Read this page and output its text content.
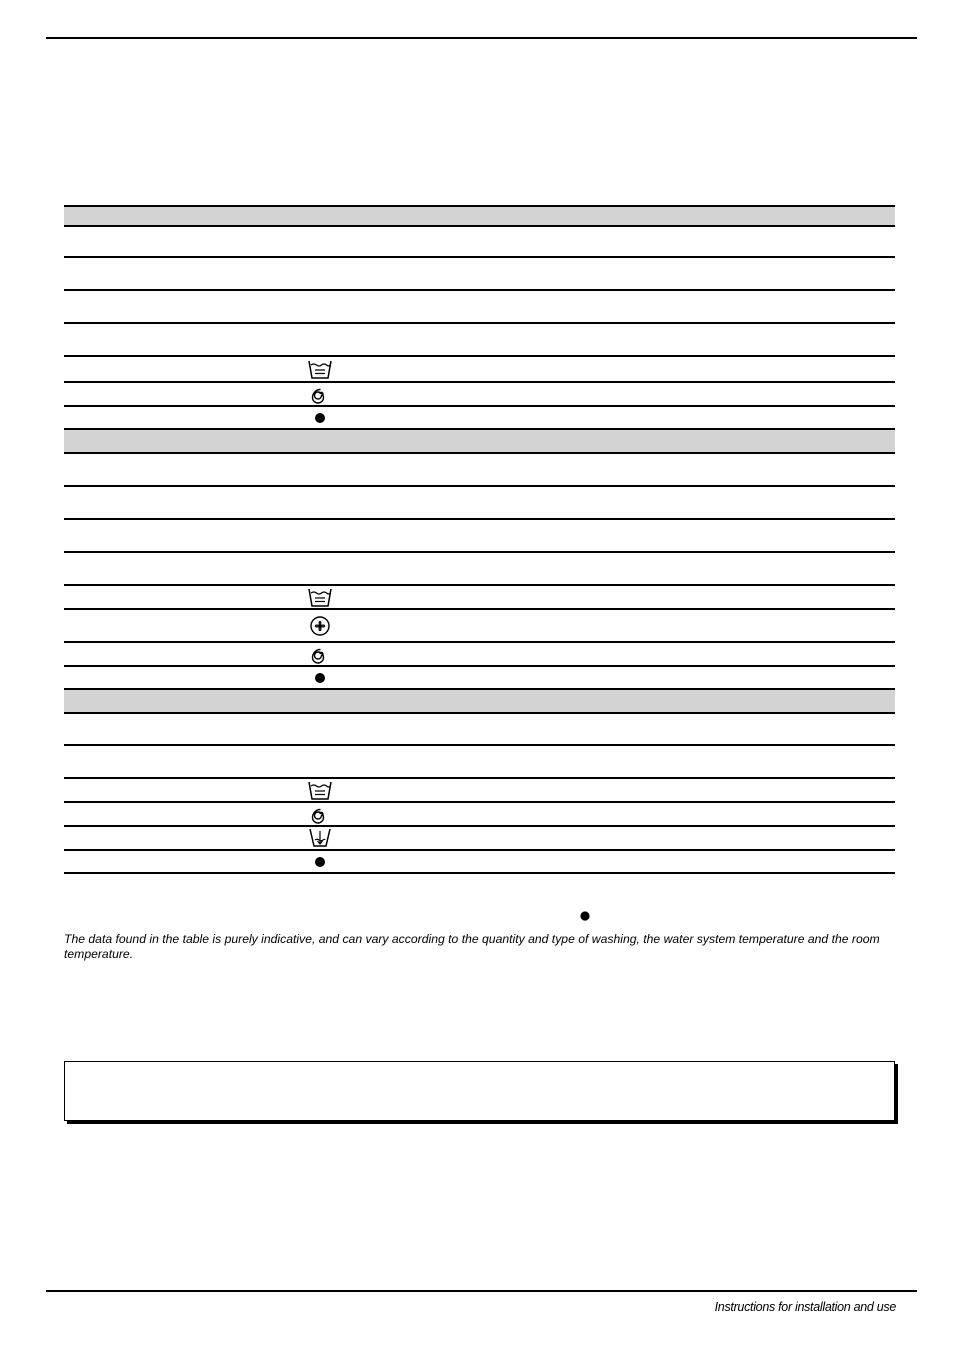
The data found in the table is purely indicative, and can vary according to the quantity and type of washing, the water system temperature and the room temperature.

Instructions for installation and use
